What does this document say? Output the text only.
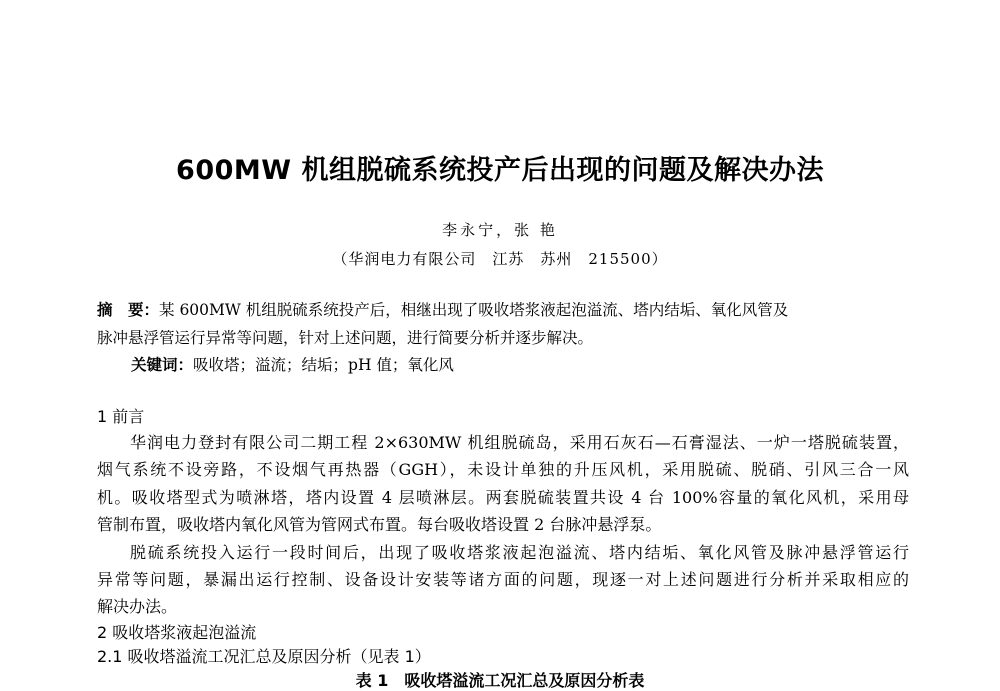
600MW 机组脱硫系统投产后出现的问题及解决办法
李永宁，张 艳
（华润电力有限公司　江苏　苏州　215500）
摘　要：某 600MW 机组脱硫系统投产后，相继出现了吸收塔浆液起泡溢流、塔内结垢、氧化风管及
脉冲悬浮管运行异常等问题，针对上述问题，进行简要分析并逐步解决。
关键词：吸收塔；溢流；结垢；pH 值；氧化风
1 前言
华润电力登封有限公司二期工程 2×630MW 机组脱硫岛，采用石灰石—石膏湿法、一炉一塔脱硫装置，
烟气系统不设旁路，不设烟气再热器（GGH），未设计单独的升压风机，采用脱硫、脱硝、引风三合一风
机。吸收塔型式为喷淋塔，塔内设置 4 层喷淋层。两套脱硫装置共设 4 台 100%容量的氧化风机，采用母
管制布置，吸收塔内氧化风管为管网式布置。每台吸收塔设置 2 台脉冲悬浮泵。
脱硫系统投入运行一段时间后，出现了吸收塔浆液起泡溢流、塔内结垢、氧化风管及脉冲悬浮管运行
异常等问题，暴漏出运行控制、设备设计安装等诸方面的问题，现逐一对上述问题进行分析并采取相应的
解决办法。
2 吸收塔浆液起泡溢流
2.1 吸收塔溢流工况汇总及原因分析（见表 1）
表 1　吸收塔溢流工况汇总及原因分析表
